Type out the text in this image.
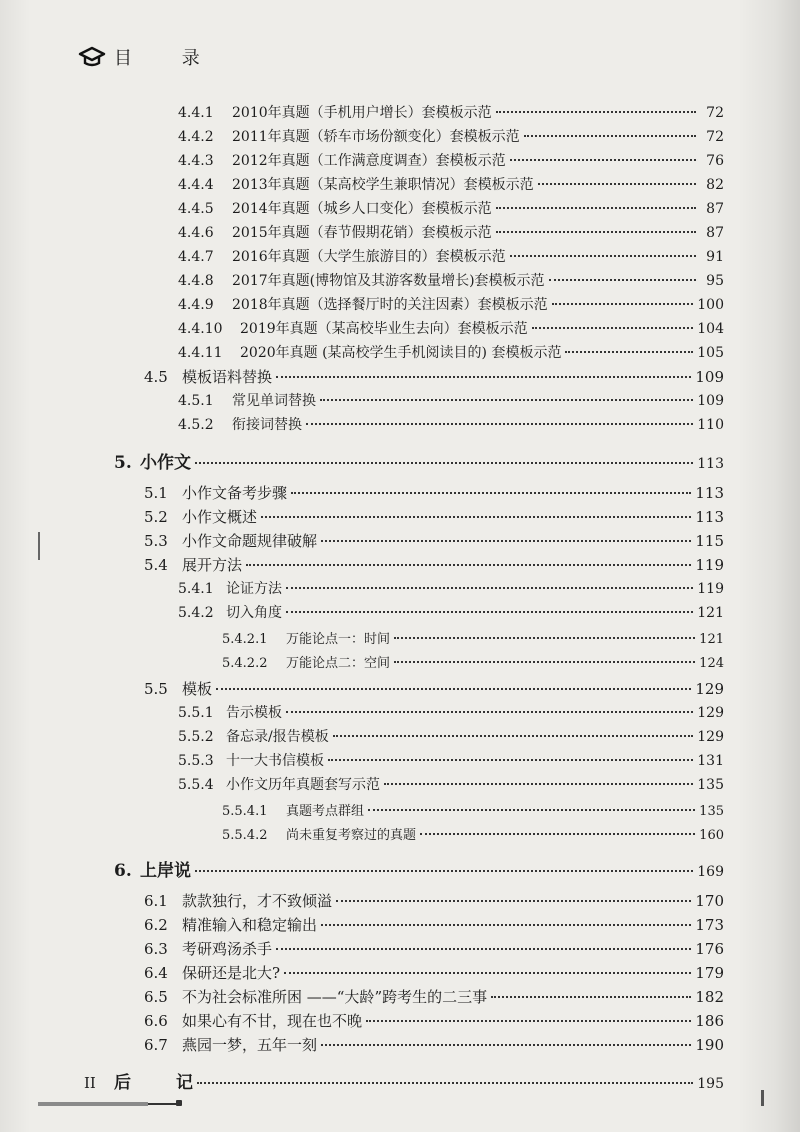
目 录
4.4.1	2010年真题（手机用户增长）套模板示范	72
4.4.2	2011年真题（轿车市场份额变化）套模板示范	72
4.4.3	2012年真题（工作满意度调查）套模板示范	76
4.4.4	2013年真题（某高校学生兼职情况）套模板示范	82
4.4.5	2014年真题（城乡人口变化）套模板示范	87
4.4.6	2015年真题（春节假期花销）套模板示范	87
4.4.7	2016年真题（大学生旅游目的）套模板示范	91
4.4.8	2017年真题(博物馆及其游客数量增长)套模板示范	95
4.4.9	2018年真题（选择餐厅时的关注因素）套模板示范	100
4.4.10	2019年真题（某高校毕业生去向）套模板示范	104
4.4.11	2020年真题 (某高校学生手机阅读目的) 套模板示范	105
4.5 模板语料替换	109
4.5.1	常见单词替换	109
4.5.2	衔接词替换	110
5. 小作文	113
5.1 小作文备考步骤	113
5.2 小作文概述	113
5.3 小作文命题规律破解	115
5.4 展开方法	119
5.4.1 论证方法	119
5.4.2 切入角度	121
5.4.2.1	万能论点一：时间	121
5.4.2.2	万能论点二：空间	124
5.5 模板	129
5.5.1 告示模板	129
5.5.2 备忘录/报告模板	129
5.5.3 十一大书信模板	131
5.5.4 小作文历年真题套写示范	135
5.5.4.1	真题考点群组	135
5.5.4.2	尚未重复考察过的真题	160
6. 上岸说	169
6.1 款款独行，才不致倾溢	170
6.2 精准输入和稳定输出	173
6.3 考研鸡汤杀手	176
6.4 保研还是北大?	179
6.5 不为社会标准所困 ——“大龄”跨考生的二三事	182
6.6 如果心有不甘，现在也不晚	186
6.7 燕园一梦，五年一刻	190
后	记	195
II
